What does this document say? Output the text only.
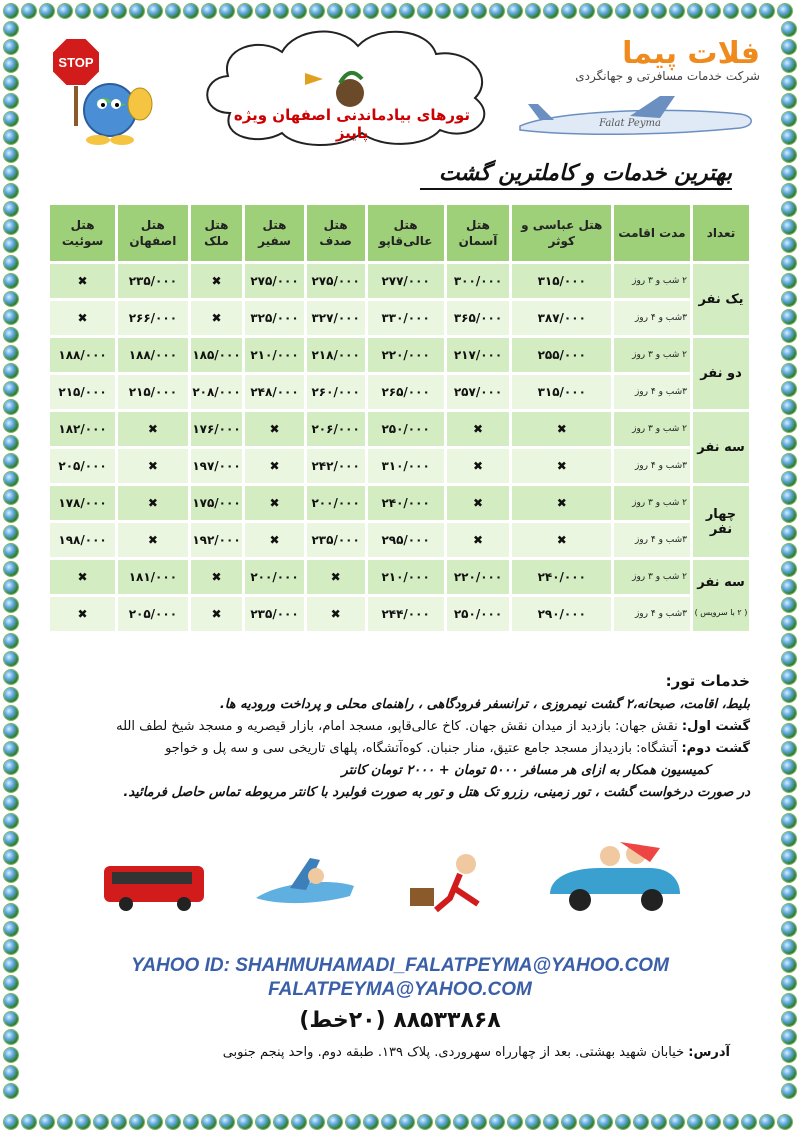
STOP
تورهای بیادماندنی اصفهان ویژه پاییز
فلات پیما
شرکت خدمات مسافرتی و جهانگردی
Falat Peyma
بهترین خدمات و کاملترین گشت
تعداد	مدت اقامت	هتل عباسی و کوثر	هتل آسمان	هتل عالی‌قاپو	هتل صدف	هتل سفیر	هتل ملک	هتل اصفهان	هتل سوئیت
یک نفر	۲ شب و ۳ روز	۳۱۵/۰۰۰	۳۰۰/۰۰۰	۲۷۷/۰۰۰	۲۷۵/۰۰۰	۲۷۵/۰۰۰	✖	۲۳۵/۰۰۰	✖
	۳شب و ۴ روز	۳۸۷/۰۰۰	۳۶۵/۰۰۰	۳۳۰/۰۰۰	۳۲۷/۰۰۰	۳۲۵/۰۰۰	✖	۲۶۶/۰۰۰	✖
دو نفر	۲ شب و ۳ روز	۲۵۵/۰۰۰	۲۱۷/۰۰۰	۲۲۰/۰۰۰	۲۱۸/۰۰۰	۲۱۰/۰۰۰	۱۸۵/۰۰۰	۱۸۸/۰۰۰	۱۸۸/۰۰۰
	۳شب و ۴ روز	۳۱۵/۰۰۰	۲۵۷/۰۰۰	۲۶۵/۰۰۰	۲۶۰/۰۰۰	۲۴۸/۰۰۰	۲۰۸/۰۰۰	۲۱۵/۰۰۰	۲۱۵/۰۰۰
سه نفر	۲ شب و ۳ روز	✖	✖	۲۵۰/۰۰۰	۲۰۶/۰۰۰	✖	۱۷۶/۰۰۰	✖	۱۸۲/۰۰۰
	۳شب و ۴ روز	✖	✖	۳۱۰/۰۰۰	۲۴۲/۰۰۰	✖	۱۹۷/۰۰۰	✖	۲۰۵/۰۰۰
چهار نفر	۲ شب و ۳ روز	✖	✖	۲۴۰/۰۰۰	۲۰۰/۰۰۰	✖	۱۷۵/۰۰۰	✖	۱۷۸/۰۰۰
	۳شب و ۴ روز	✖	✖	۲۹۵/۰۰۰	۲۳۵/۰۰۰	✖	۱۹۲/۰۰۰	✖	۱۹۸/۰۰۰
سه نفر
( ۲ با سرویس )	۲ شب و ۳ روز	۲۴۰/۰۰۰	۲۲۰/۰۰۰	۲۱۰/۰۰۰	✖	۲۰۰/۰۰۰	✖	۱۸۱/۰۰۰	✖
	۳شب و ۴ روز	۲۹۰/۰۰۰	۲۵۰/۰۰۰	۲۴۴/۰۰۰	✖	۲۳۵/۰۰۰	✖	۲۰۵/۰۰۰	✖
خدمات تور:
بلیط، اقامت، صبحانه،۲ گشت نیمروزی ، ترانسفر فرودگاهی ، راهنمای محلی و پرداخت ورودیه ها.
گشت اول: نقش جهان: بازدید از میدان نقش جهان. کاخ عالی‌قاپو، مسجد امام، بازار قیصریه و مسجد شیخ لطف الله
گشت دوم: آتشگاه: بازدیداز مسجد جامع عتیق، منار جنبان. کوه‌آتشگاه، پلهای تاریخی سی و سه پل و خواجو
کمیسیون همکار به ازای هر مسافر ۵۰۰۰ تومان + ۲۰۰۰ تومان کانتر
در صورت درخواست گشت ، تور زمینی، رزرو تک هتل و تور به صورت فولبرد با کانتر مربوطه تماس حاصل فرمائید.
YAHOO ID: SHAHMUHAMADI_FALATPEYMA@YAHOO.COM
FALATPEYMA@YAHOO.COM
۸۸۵۳۳۸۶۸ (۲۰خط)
آدرس: خیابان شهید بهشتی. بعد از چهارراه سهروردی. پلاک ۱۳۹. طبقه دوم. واحد پنجم جنوبی
